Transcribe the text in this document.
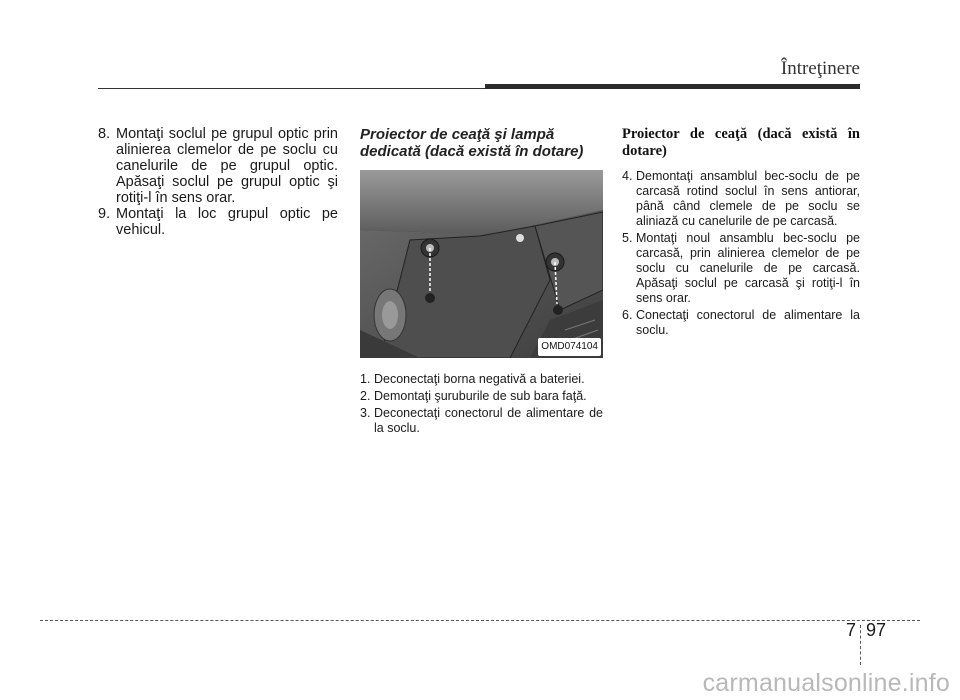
Întreţinere
8. Montaţi soclul pe grupul optic prin alinierea clemelor de pe soclu cu canelurile de pe grupul optic. Apăsaţi soclul pe grupul optic şi rotiţi-l în sens orar.
9. Montaţi la loc grupul optic pe vehicul.
Proiector de ceaţă şi lampă dedicată (dacă există în dotare)
OMD074104
1. Deconectaţi borna negativă a bateriei.
2. Demontaţi şuruburile de sub bara faţă.
3. Deconectaţi conectorul de alimentare de la soclu.
Proiector de ceaţă (dacă există în dotare)
4. Demontaţi ansamblul bec-soclu de pe carcasă rotind soclul în sens antiorar, până când clemele de pe soclu se aliniază cu canelurile de pe carcasă.
5. Montaţi noul ansamblu bec-soclu pe carcasă, prin alinierea clemelor de pe soclu cu canelurile de pe carcasă. Apăsaţi soclul pe carcasă şi rotiţi-l în sens orar.
6. Conectaţi conectorul de alimentare la soclu.
7 97
carmanualsonline.info
